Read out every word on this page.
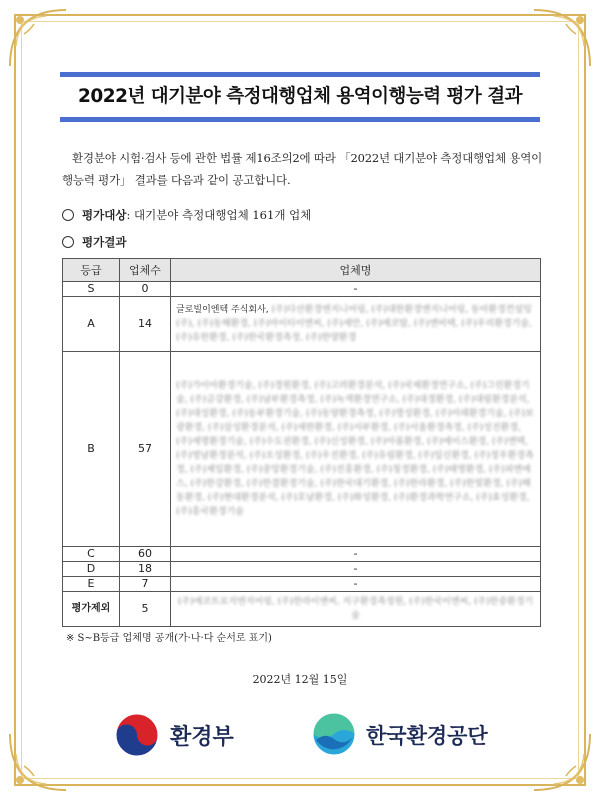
2022년 대기분야 측정대행업체 용역이행능력 평가 결과
환경분야 시험·검사 등에 관한 법률 제16조의2에 따라 「2022년 대기분야 측정대행업체 용역이행능력 평가」 결과를 다음과 같이 공고합니다.
평가대상: 대기분야 측정대행업체 161개 업체
평가결과
등급	업체수	업체명
S	0	-
A	14	글로빌이엔텍 주식회사, (주)다산환경엔지니어링, (주)대한환경엔지니어링, 동아환경컨설팅(주), (주)동해환경, (주)마이티이엔씨, (주)세안, (주)에코탑, (주)엔비텍, (주)우리환경기술, (주)유한환경, (주)한국환경측정, (주)한양환경
B	57	(주)가이아환경기술, (주)경원환경, (주)고려환경분석, (주)국제환경연구소, (주)그린환경기술, (주)금강환경, (주)남부환경측정, (주)녹색환경연구소, (주)대경환경, (주)대림환경분석, (주)대성환경, (주)동부환경기술, (주)동양환경측정, (주)명성환경, (주)미래환경기술, (주)보광환경, (주)삼성환경분석, (주)새한환경, (주)서부환경, (주)서울환경측정, (주)성진환경, (주)세명환경기술, (주)수도권환경, (주)신성환경, (주)아름환경, (주)에이스환경, (주)엔텍, (주)영남환경분석, (주)오성환경, (주)우진환경, (주)유림환경, (주)일신환경, (주)정우환경측정, (주)제일환경, (주)중앙환경기술, (주)진흥환경, (주)청정환경, (주)태영환경, (주)피엔에스, (주)한강환경, (주)한결환경기술, (주)한국대기환경, (주)한라환경, (주)한빛환경, (주)해동환경, (주)현대환경분석, (주)호남환경, (주)화성환경, (주)환경과학연구소, (주)효성환경, (주)흥국환경기술
C	60	-
D	18	-
E	7	-
평가제외	5	(주)에코트로지엔지어링, (주)한라이앤씨, 지구환경측정원, (주)한국이엔씨, (주)한중환경기술
※ S~B등급 업체명 공개(가·나·다 순서로 표기)
2022년 12월 15일
환경부	한국환경공단
